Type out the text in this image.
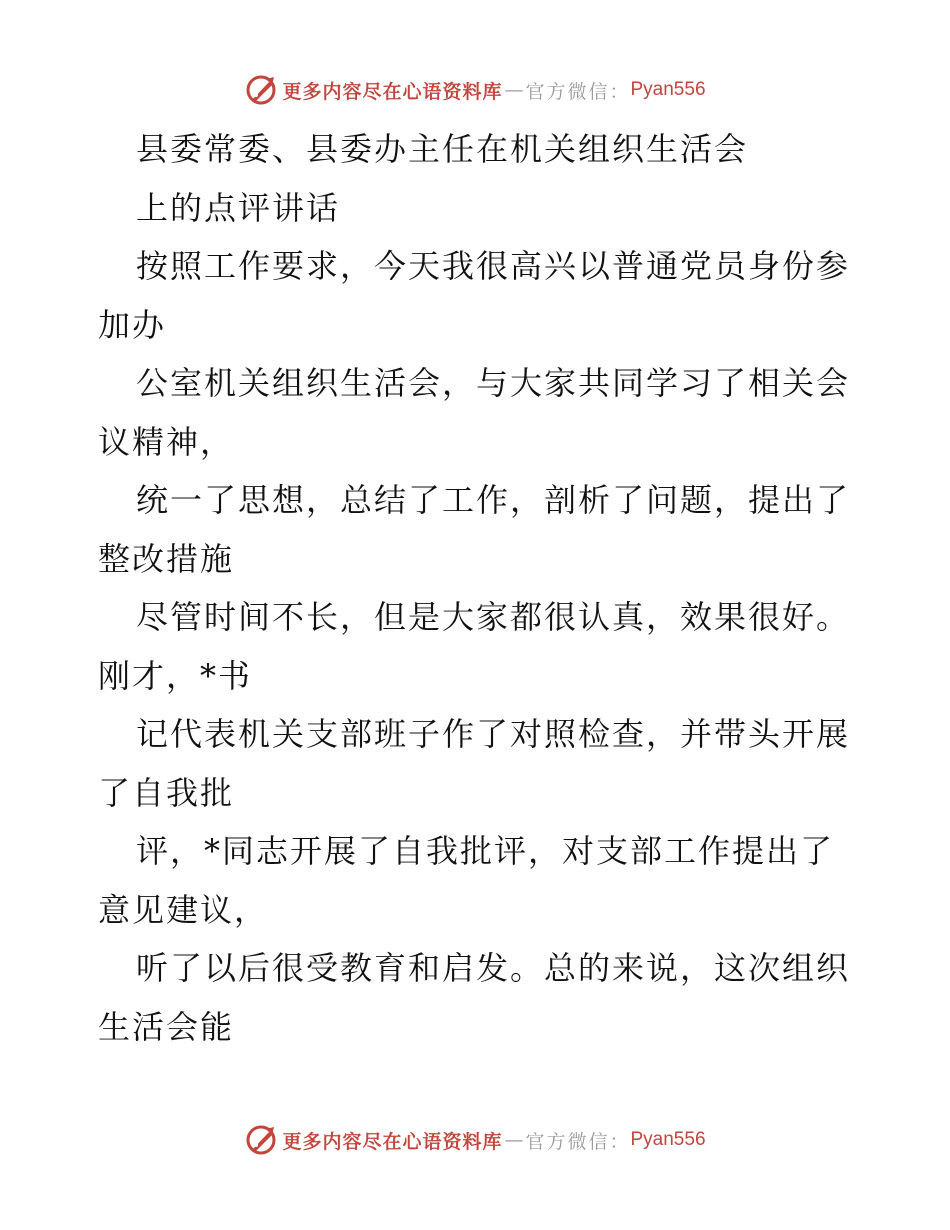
更多内容尽在心语资料库 — 官方微信： Pyan556
县委常委、县委办主任在机关组织生活会
上的点评讲话
按照工作要求，今天我很高兴以普通党员身份参
加办
公室机关组织生活会，与大家共同学习了相关会
议精神，
统一了思想，总结了工作，剖析了问题，提出了
整改措施
尽管时间不长，但是大家都很认真，效果很好。
刚才，*书
记代表机关支部班子作了对照检查，并带头开展
了自我批
评，*同志开展了自我批评，对支部工作提出了
意见建议，
听了以后很受教育和启发。总的来说，这次组织
生活会能
更多内容尽在心语资料库 — 官方微信： Pyan556
